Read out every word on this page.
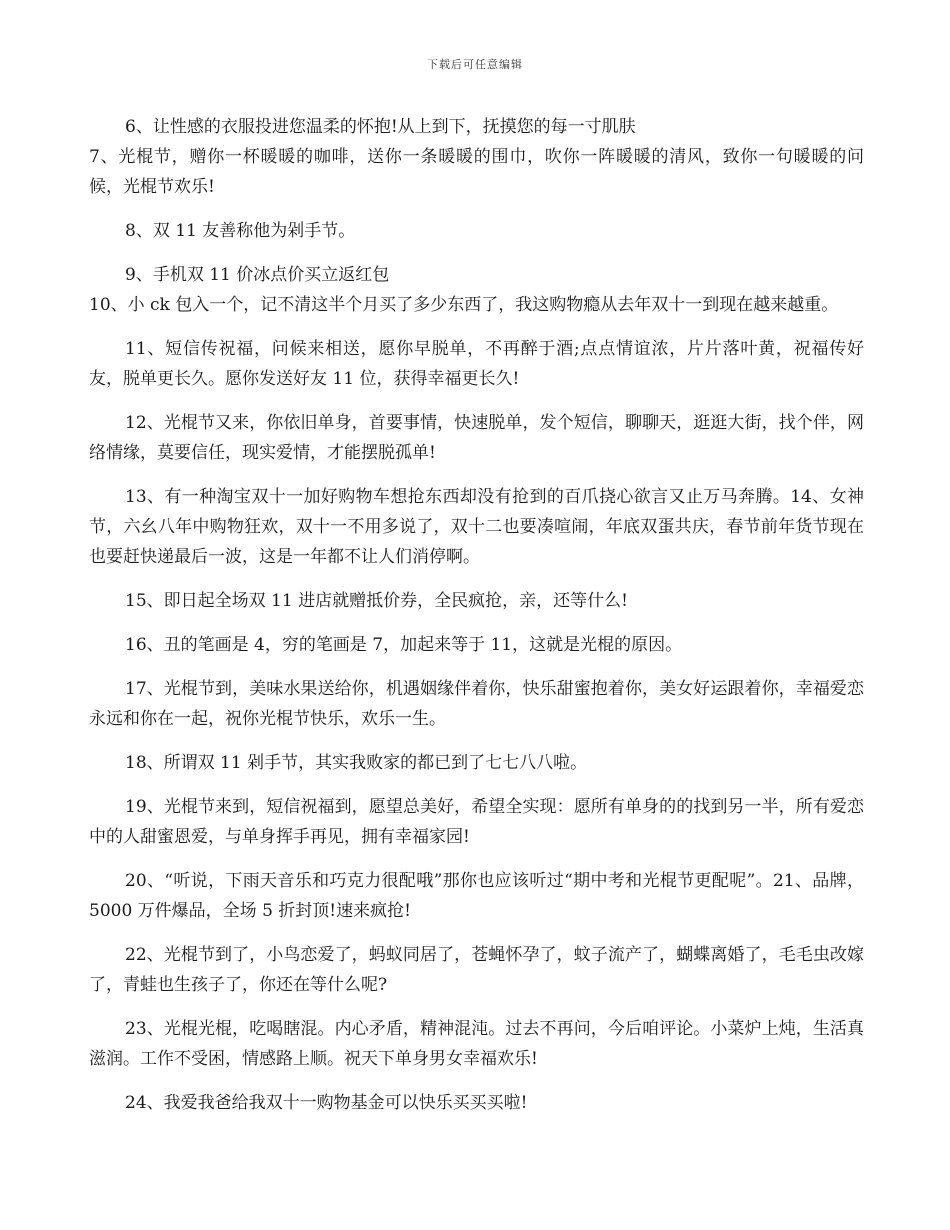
下载后可任意编辑

6、让性感的衣服投进您温柔的怀抱!从上到下，抚摸您的每一寸肌肤

7、光棍节，赠你一杯暖暖的咖啡，送你一条暖暖的围巾，吹你一阵暖暖的清风，致你一句暖暖的问候，光棍节欢乐!

8、双 11 友善称他为剁手节。

9、手机双 11 价冰点价买立返红包

10、小 ck 包入一个，记不清这半个月买了多少东西了，我这购物瘾从去年双十一到现在越来越重。

11、短信传祝福，问候来相送，愿你早脱单，不再醉于酒;点点情谊浓，片片落叶黄，祝福传好友，脱单更长久。愿你发送好友 11 位，获得幸福更长久!

12、光棍节又来，你依旧单身，首要事情，快速脱单，发个短信，聊聊天，逛逛大街，找个伴，网络情缘，莫要信任，现实爱情，才能摆脱孤单!

13、有一种淘宝双十一加好购物车想抢东西却没有抢到的百爪挠心欲言又止万马奔腾。14、女神节，六幺八年中购物狂欢，双十一不用多说了，双十二也要凑喧闹，年底双蛋共庆，春节前年货节现在也要赶快递最后一波，这是一年都不让人们消停啊。

15、即日起全场双 11 进店就赠抵价券，全民疯抢，亲，还等什么!

16、丑的笔画是 4，穷的笔画是 7，加起来等于 11，这就是光棍的原因。

17、光棍节到，美味水果送给你，机遇姻缘伴着你，快乐甜蜜抱着你，美女好运跟着你，幸福爱恋永远和你在一起，祝你光棍节快乐，欢乐一生。

18、所谓双 11 剁手节，其实我败家的都已到了七七八八啦。

19、光棍节来到，短信祝福到，愿望总美好，希望全实现：愿所有单身的的找到另一半，所有爱恋中的人甜蜜恩爱，与单身挥手再见，拥有幸福家园!

20、“听说，下雨天音乐和巧克力很配哦”那你也应该听过“期中考和光棍节更配呢”。21、品牌，5000 万件爆品，全场 5 折封顶!速来疯抢!

22、光棍节到了，小鸟恋爱了，蚂蚁同居了，苍蝇怀孕了，蚊子流产了，蝴蝶离婚了，毛毛虫改嫁了，青蛙也生孩子了，你还在等什么呢?

23、光棍光棍，吃喝瞎混。内心矛盾，精神混沌。过去不再问，今后咱评论。小菜炉上炖，生活真滋润。工作不受困，情感路上顺。祝天下单身男女幸福欢乐!

24、我爱我爸给我双十一购物基金可以快乐买买买啦!
